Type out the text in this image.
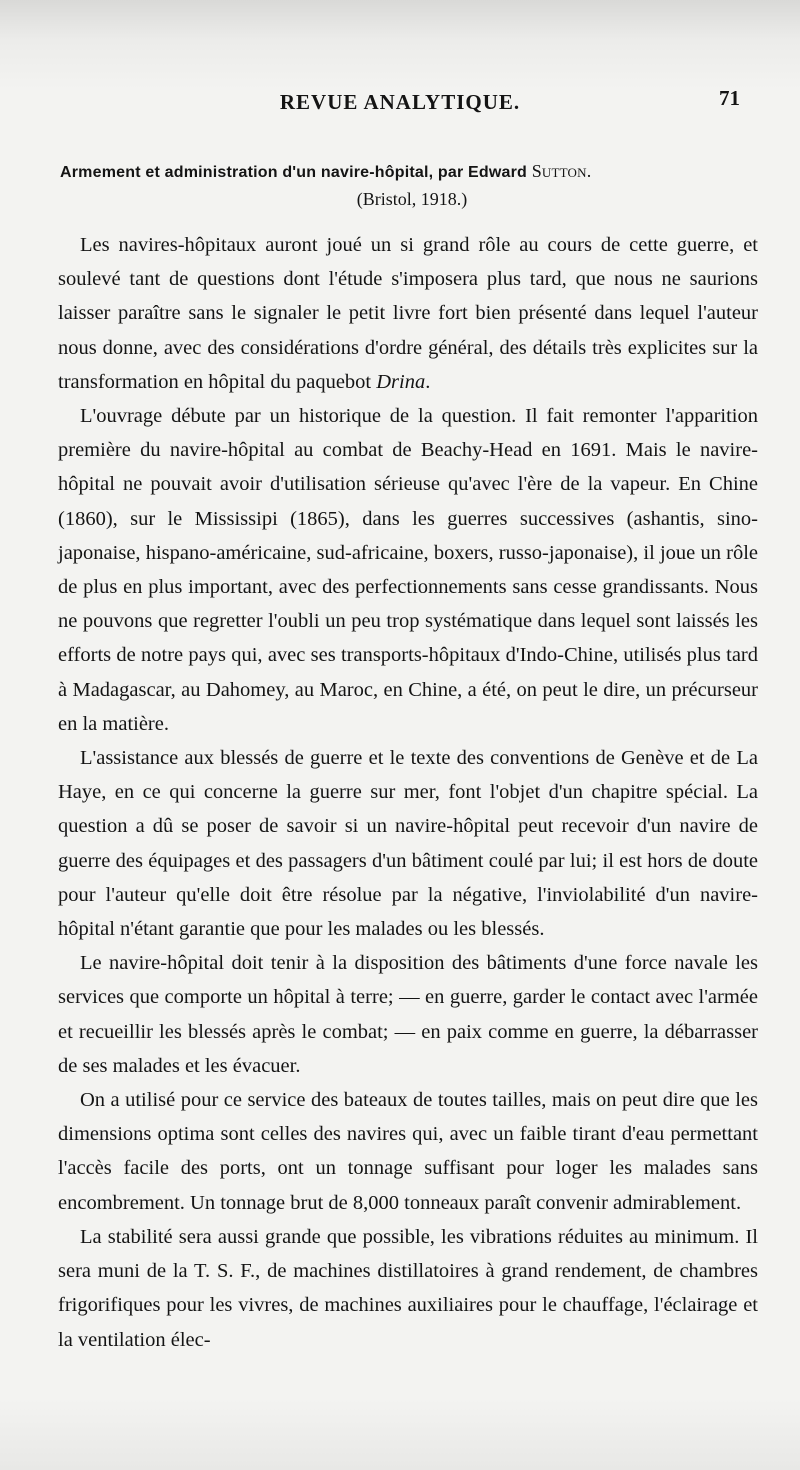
REVUE ANALYTIQUE.	71
Armement et administration d'un navire-hôpital, par Edward Sutton.
(Bristol, 1918.)

Les navires-hôpitaux auront joué un si grand rôle au cours de cette guerre, et soulevé tant de questions dont l'étude s'imposera plus tard, que nous ne saurions laisser paraître sans le signaler le petit livre fort bien présenté dans lequel l'auteur nous donne, avec des considérations d'ordre général, des détails très explicites sur la transformation en hôpital du paquebot Drina.

L'ouvrage débute par un historique de la question. Il fait remonter l'apparition première du navire-hôpital au combat de Beachy-Head en 1691. Mais le navire-hôpital ne pouvait avoir d'utilisation sérieuse qu'avec l'ère de la vapeur. En Chine (1860), sur le Mississipi (1865), dans les guerres successives (ashantis, sino-japonaise, hispano-américaine, sud-africaine, boxers, russo-japonaise), il joue un rôle de plus en plus important, avec des perfectionnements sans cesse grandissants. Nous ne pouvons que regretter l'oubli un peu trop systématique dans lequel sont laissés les efforts de notre pays qui, avec ses transports-hôpitaux d'Indo-Chine, utilisés plus tard à Madagascar, au Dahomey, au Maroc, en Chine, a été, on peut le dire, un précurseur en la matière.

L'assistance aux blessés de guerre et le texte des conventions de Genève et de La Haye, en ce qui concerne la guerre sur mer, font l'objet d'un chapitre spécial. La question a dû se poser de savoir si un navire-hôpital peut recevoir d'un navire de guerre des équipages et des passagers d'un bâtiment coulé par lui; il est hors de doute pour l'auteur qu'elle doit être résolue par la négative, l'inviolabilité d'un navire-hôpital n'étant garantie que pour les malades ou les blessés.

Le navire-hôpital doit tenir à la disposition des bâtiments d'une force navale les services que comporte un hôpital à terre; — en guerre, garder le contact avec l'armée et recueillir les blessés après le combat; — en paix comme en guerre, la débarrasser de ses malades et les évacuer.

On a utilisé pour ce service des bateaux de toutes tailles, mais on peut dire que les dimensions optima sont celles des navires qui, avec un faible tirant d'eau permettant l'accès facile des ports, ont un tonnage suffisant pour loger les malades sans encombrement. Un tonnage brut de 8,000 tonneaux paraît convenir admirablement.

La stabilité sera aussi grande que possible, les vibrations réduites au minimum. Il sera muni de la T. S. F., de machines distillatoires à grand rendement, de chambres frigorifiques pour les vivres, de machines auxiliaires pour le chauffage, l'éclairage et la ventilation élec-
